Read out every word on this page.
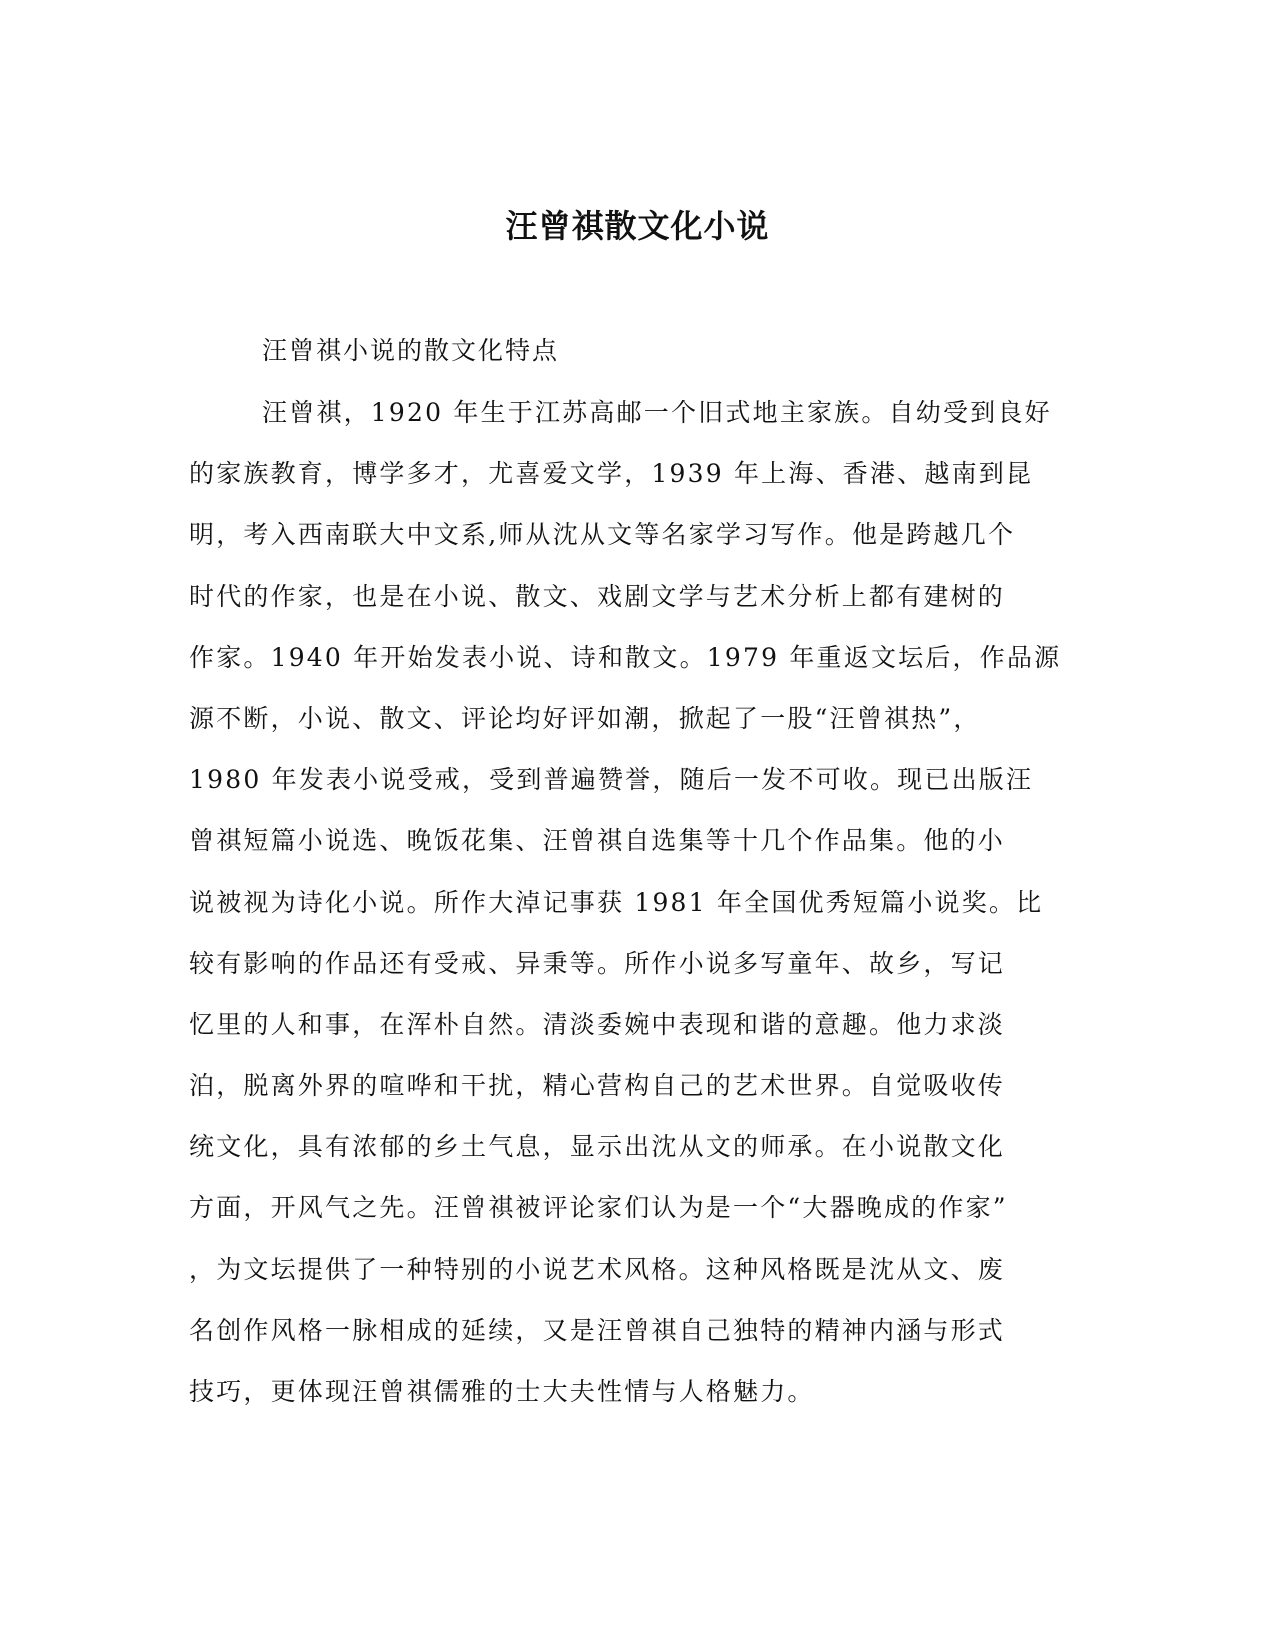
汪曾祺散文化小说

汪曾祺小说的散文化特点

汪曾祺，1920 年生于江苏高邮一个旧式地主家族。自幼受到良好
的家族教育，博学多才，尤喜爱文学，1939 年上海、香港、越南到昆
明，考入西南联大中文系,师从沈从文等名家学习写作。他是跨越几个
时代的作家，也是在小说、散文、戏剧文学与艺术分析上都有建树的
作家。1940 年开始发表小说、诗和散文。1979 年重返文坛后，作品源
源不断，小说、散文、评论均好评如潮，掀起了一股“汪曾祺热”，
1980 年发表小说受戒，受到普遍赞誉，随后一发不可收。现已出版汪
曾祺短篇小说选、晚饭花集、汪曾祺自选集等十几个作品集。他的小
说被视为诗化小说。所作大淖记事获 1981 年全国优秀短篇小说奖。比
较有影响的作品还有受戒、异秉等。所作小说多写童年、故乡，写记
忆里的人和事，在浑朴自然。清淡委婉中表现和谐的意趣。他力求淡
泊，脱离外界的喧哗和干扰，精心营构自己的艺术世界。自觉吸收传
统文化，具有浓郁的乡土气息，显示出沈从文的师承。在小说散文化
方面，开风气之先。汪曾祺被评论家们认为是一个“大器晚成的作家”
，为文坛提供了一种特别的小说艺术风格。这种风格既是沈从文、废
名创作风格一脉相成的延续，又是汪曾祺自己独特的精神内涵与形式
技巧，更体现汪曾祺儒雅的士大夫性情与人格魅力。
